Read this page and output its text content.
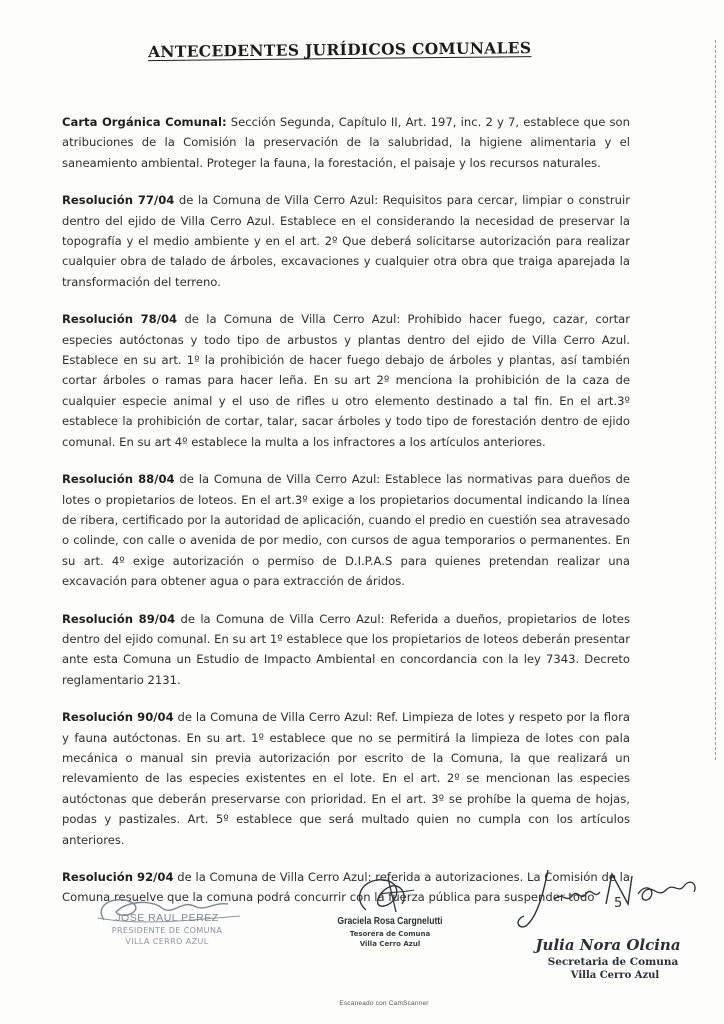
ANTECEDENTES JURÍDICOS COMUNALES

Carta Orgánica Comunal: Sección Segunda, Capítulo II, Art. 197, inc. 2 y 7, establece que son atribuciones de la Comisión la preservación de la salubridad, la higiene alimentaria y el saneamiento ambiental. Proteger la fauna, la forestación, el paisaje y los recursos naturales.

Resolución 77/04 de la Comuna de Villa Cerro Azul: Requisitos para cercar, limpiar o construir dentro del ejido de Villa Cerro Azul. Establece en el considerando la necesidad de preservar la topografía y el medio ambiente y en el art. 2º Que deberá solicitarse autorización para realizar cualquier obra de talado de árboles, excavaciones y cualquier otra obra que traiga aparejada la transformación del terreno.

Resolución 78/04 de la Comuna de Villa Cerro Azul: Prohibido hacer fuego, cazar, cortar especies autóctonas y todo tipo de arbustos y plantas dentro del ejido de Villa Cerro Azul. Establece en su art. 1º la prohibición de hacer fuego debajo de árboles y plantas, así también cortar árboles o ramas para hacer leña. En su art 2º menciona la prohibición de la caza de cualquier especie animal y el uso de rifles u otro elemento destinado a tal fin. En el art.3º establece la prohibición de cortar, talar, sacar árboles y todo tipo de forestación dentro de ejido comunal. En su art 4º establece la multa a los infractores a los artículos anteriores.

Resolución 88/04 de la Comuna de Villa Cerro Azul: Establece las normativas para dueños de lotes o propietarios de loteos. En el art.3º exige a los propietarios documental indicando la línea de ribera, certificado por la autoridad de aplicación, cuando el predio en cuestión sea atravesado o colinde, con calle o avenida de por medio, con cursos de agua temporarios o permanentes. En su art. 4º exige autorización o permiso de D.I.P.A.S para quienes pretendan realizar una excavación para obtener agua o para extracción de áridos.

Resolución 89/04 de la Comuna de Villa Cerro Azul: Referida a dueños, propietarios de lotes dentro del ejido comunal. En su art 1º establece que los propietarios de loteos deberán presentar ante esta Comuna un Estudio de Impacto Ambiental en concordancia con la ley 7343. Decreto reglamentario 2131.

Resolución 90/04 de la Comuna de Villa Cerro Azul: Ref. Limpieza de lotes y respeto por la flora y fauna autóctonas. En su art. 1º establece que no se permitirá la limpieza de lotes con pala mecánica o manual sin previa autorización por escrito de la Comuna, la que realizará un relevamiento de las especies existentes en el lote. En el art. 2º se mencionan las especies autóctonas que deberán preservarse con prioridad. En el art. 3º se prohíbe la quema de hojas, podas y pastizales. Art. 5º establece que será multado quien no cumpla con los artículos anteriores.

Resolución 92/04 de la Comuna de Villa Cerro Azul: referida a autorizaciones. La Comisión de la Comuna resuelve que la comuna podrá concurrir con la fuerza pública para suspender todo

JOSE RAUL PEREZ
PRESIDENTE DE COMUNA
VILLA CERRO AZUL
Graciela Rosa Cargnelutti
Tesorera de Comuna
Villa Cerro Azul	Julia Nora Olcina
Secretaria de Comuna
Villa Cerro Azul
5
Escaneado con CamScanner
